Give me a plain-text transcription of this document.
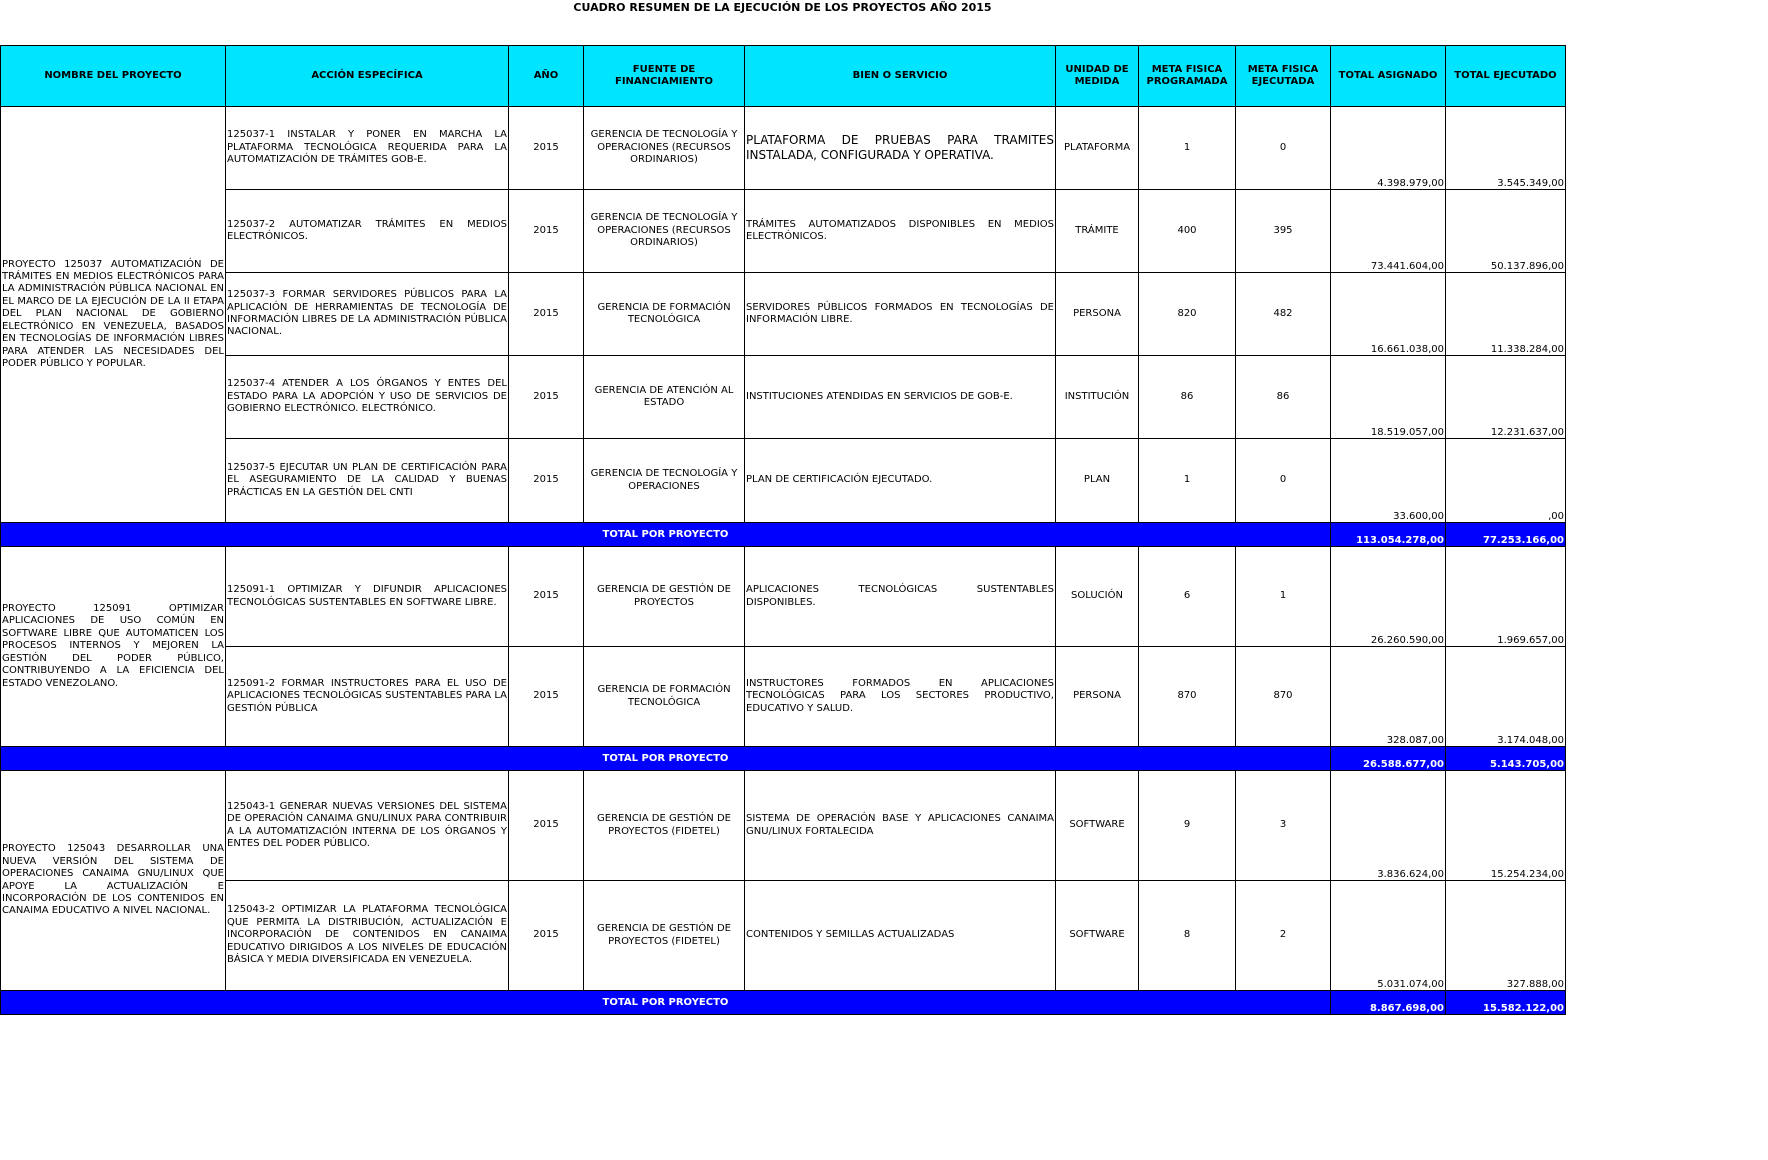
CUADRO RESUMEN DE LA EJECUCIÓN DE LOS PROYECTOS AÑO 2015
NOMBRE DEL PROYECTO	ACCIÓN ESPECÍFICA	AÑO	FUENTE DE FINANCIAMIENTO	BIEN O SERVICIO	UNIDAD DE MEDIDA	META FISICA PROGRAMADA	META FISICA EJECUTADA	TOTAL ASIGNADO	TOTAL EJECUTADO
PROYECTO 125037 AUTOMATIZACIÓN DE TRÁMITES EN MEDIOS ELECTRÓNICOS PARA LA ADMINISTRACIÓN PÚBLICA NACIONAL EN EL MARCO DE LA EJECUCIÓN DE LA II ETAPA DEL PLAN NACIONAL DE GOBIERNO ELECTRÓNICO EN VENEZUELA, BASADOS EN TECNOLOGÍAS DE INFORMACIÓN LIBRES PARA ATENDER LAS NECESIDADES DEL PODER PÚBLICO Y POPULAR.	125037-1 INSTALAR Y PONER EN MARCHA LA PLATAFORMA TECNOLÓGICA REQUERIDA PARA LA AUTOMATIZACIÓN DE TRÁMITES GOB-E.	2015	GERENCIA DE TECNOLOGÍA Y OPERACIONES (RECURSOS ORDINARIOS)	PLATAFORMA DE PRUEBAS PARA TRAMITES INSTALADA, CONFIGURADA Y OPERATIVA.	PLATAFORMA	1	0	4.398.979,00	3.545.349,00
	125037-2 AUTOMATIZAR TRÁMITES EN MEDIOS ELECTRÓNICOS.	2015	GERENCIA DE TECNOLOGÍA Y OPERACIONES (RECURSOS ORDINARIOS)	TRÁMITES AUTOMATIZADOS DISPONIBLES EN MEDIOS ELECTRÓNICOS.	TRÁMITE	400	395	73.441.604,00	50.137.896,00
	125037-3 FORMAR SERVIDORES PÚBLICOS PARA LA APLICACIÓN DE HERRAMIENTAS DE TECNOLOGÍA DE INFORMACIÓN LIBRES DE LA ADMINISTRACIÓN PÚBLICA NACIONAL.	2015	GERENCIA DE FORMACIÓN TECNOLÓGICA	SERVIDORES PÚBLICOS FORMADOS EN TECNOLOGÍAS DE INFORMACIÓN LIBRE.	PERSONA	820	482	16.661.038,00	11.338.284,00
	125037-4 ATENDER A LOS ÓRGANOS Y ENTES DEL ESTADO PARA LA ADOPCIÓN Y USO DE SERVICIOS DE GOBIERNO ELECTRÓNICO. ELECTRÓNICO.	2015	GERENCIA DE ATENCIÓN AL ESTADO	INSTITUCIONES ATENDIDAS EN SERVICIOS DE GOB-E.	INSTITUCIÓN	86	86	18.519.057,00	12.231.637,00
	125037-5 EJECUTAR UN PLAN DE CERTIFICACIÓN PARA EL ASEGURAMIENTO DE LA CALIDAD Y BUENAS PRÁCTICAS EN LA GESTIÓN DEL CNTI	2015	GERENCIA DE TECNOLOGÍA Y OPERACIONES	PLAN DE CERTIFICACIÓN EJECUTADO.	PLAN	1	0	33.600,00	,00
TOTAL POR PROYECTO								113.054.278,00	77.253.166,00
PROYECTO 125091 OPTIMIZAR APLICACIONES DE USO COMÚN EN SOFTWARE LIBRE QUE AUTOMATICEN LOS PROCESOS INTERNOS Y MEJOREN LA GESTIÓN DEL PODER PÚBLICO, CONTRIBUYENDO A LA EFICIENCIA DEL ESTADO VENEZOLANO.	125091-1 OPTIMIZAR Y DIFUNDIR APLICACIONES TECNOLÓGICAS SUSTENTABLES EN SOFTWARE LIBRE.	2015	GERENCIA DE GESTIÓN DE PROYECTOS	APLICACIONES TECNOLÓGICAS SUSTENTABLES DISPONIBLES.	SOLUCIÓN	6	1	26.260.590,00	1.969.657,00
	125091-2 FORMAR INSTRUCTORES PARA EL USO DE APLICACIONES TECNOLÓGICAS SUSTENTABLES PARA LA GESTIÓN PÚBLICA	2015	GERENCIA DE FORMACIÓN TECNOLÓGICA	INSTRUCTORES FORMADOS EN APLICACIONES TECNOLÓGICAS PARA LOS SECTORES PRODUCTIVO, EDUCATIVO Y SALUD.	PERSONA	870	870	328.087,00	3.174.048,00
TOTAL POR PROYECTO								26.588.677,00	5.143.705,00
PROYECTO 125043 DESARROLLAR UNA NUEVA VERSIÓN DEL SISTEMA DE OPERACIONES CANAIMA GNU/LINUX QUE APOYE LA ACTUALIZACIÓN E INCORPORACIÓN DE LOS CONTENIDOS EN CANAIMA EDUCATIVO A NIVEL NACIONAL.	125043-1 GENERAR NUEVAS VERSIONES DEL SISTEMA DE OPERACIÓN CANAIMA GNU/LINUX PARA CONTRIBUIR A LA AUTOMATIZACIÓN INTERNA DE LOS ÓRGANOS Y ENTES DEL PODER PÚBLICO.	2015	GERENCIA DE GESTIÓN DE PROYECTOS (FIDETEL)	SISTEMA DE OPERACIÓN BASE Y APLICACIONES CANAIMA GNU/LINUX FORTALECIDA	SOFTWARE	9	3	3.836.624,00	15.254.234,00
	125043-2 OPTIMIZAR LA PLATAFORMA TECNOLÓGICA QUE PERMITA LA DISTRIBUCIÓN, ACTUALIZACIÓN E INCORPORACIÓN DE CONTENIDOS EN CANAIMA EDUCATIVO DIRIGIDOS A LOS NIVELES DE EDUCACIÓN BÁSICA Y MEDIA DIVERSIFICADA EN VENEZUELA.	2015	GERENCIA DE GESTIÓN DE PROYECTOS (FIDETEL)	CONTENIDOS Y SEMILLAS ACTUALIZADAS	SOFTWARE	8	2	5.031.074,00	327.888,00
TOTAL POR PROYECTO								8.867.698,00	15.582.122,00
